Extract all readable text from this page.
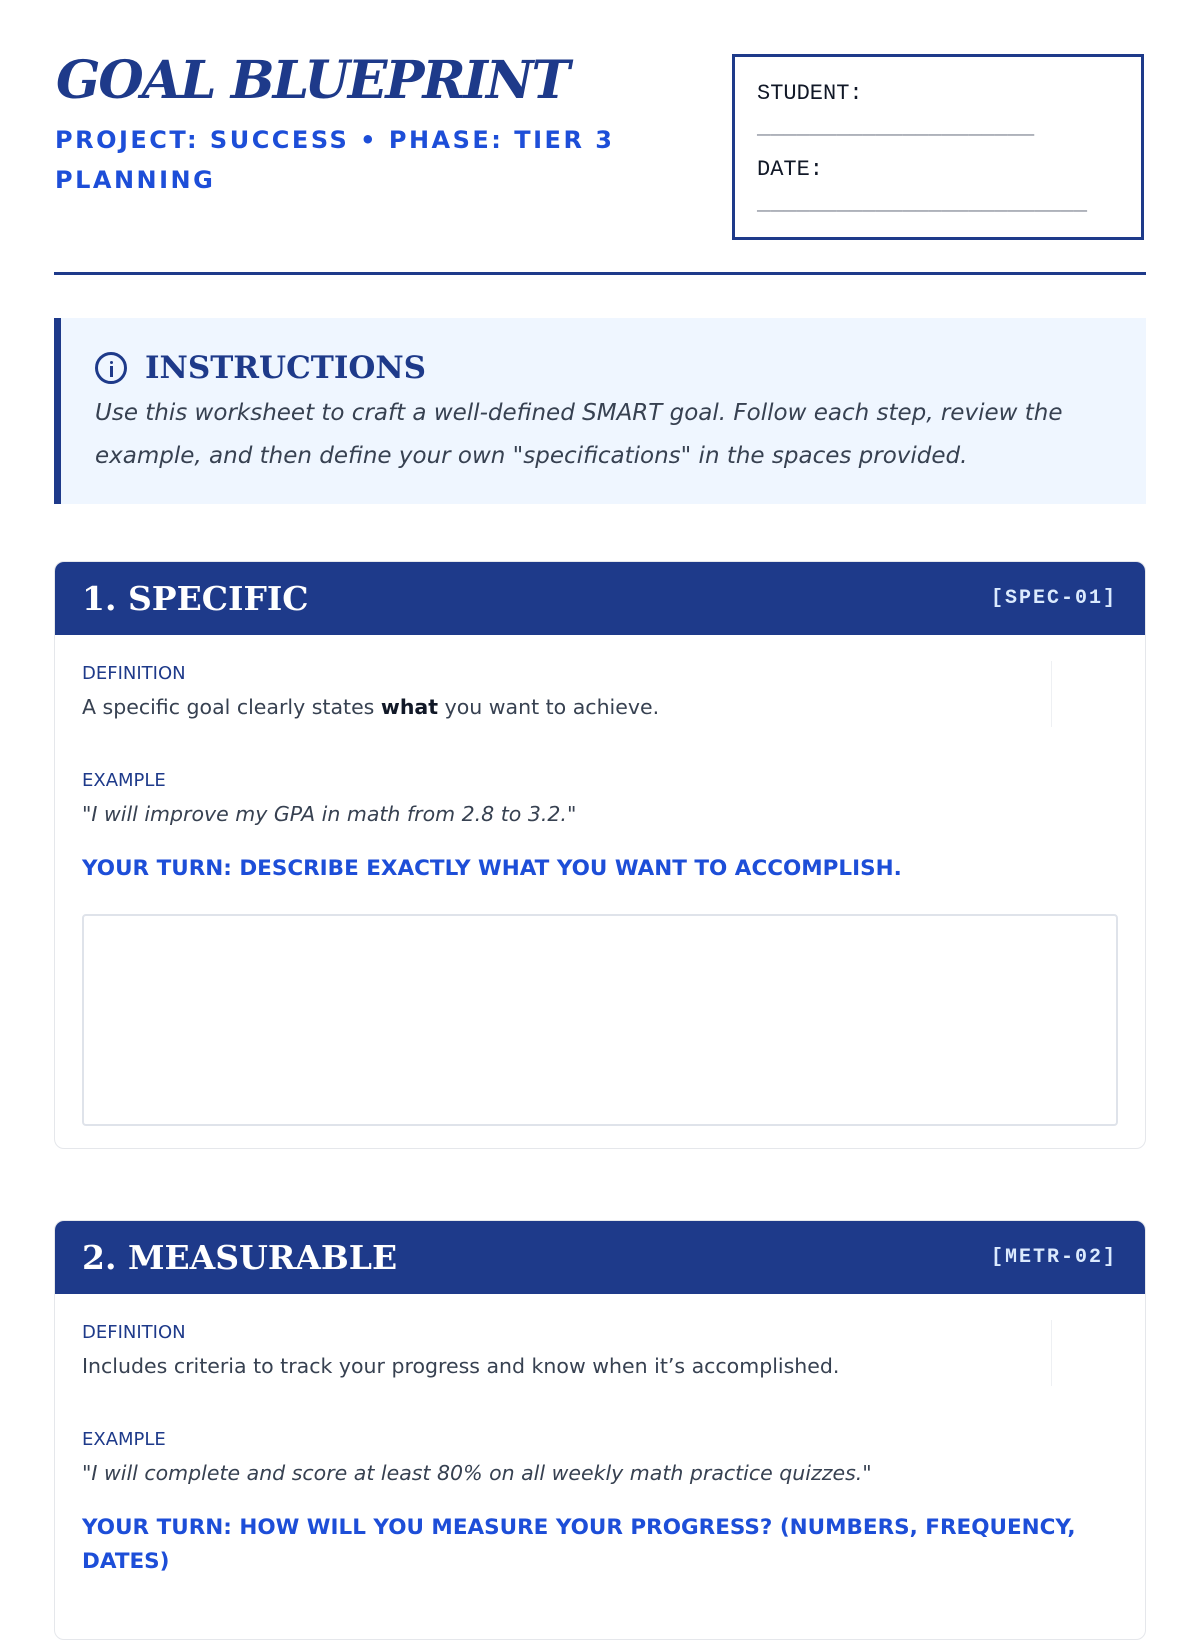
GOAL BLUEPRINT

PROJECT: SUCCESS • PHASE: TIER 3 PLANNING

STUDENT:
_____________________
DATE:
_________________________
INSTRUCTIONS

Use this worksheet to craft a well-defined SMART goal. Follow each step, review the example, and then define your own "specifications" in the spaces provided.

1. SPECIFIC	[SPEC-01]

DEFINITION

A specific goal clearly states what you want to achieve.

EXAMPLE

"I will improve my GPA in math from 2.8 to 3.2."

YOUR TURN: DESCRIBE EXACTLY WHAT YOU WANT TO ACCOMPLISH.

2. MEASURABLE	[METR-02]

DEFINITION

Includes criteria to track your progress and know when it’s accomplished.

EXAMPLE

"I will complete and score at least 80% on all weekly math practice quizzes."

YOUR TURN: HOW WILL YOU MEASURE YOUR PROGRESS? (NUMBERS, FREQUENCY, DATES)
